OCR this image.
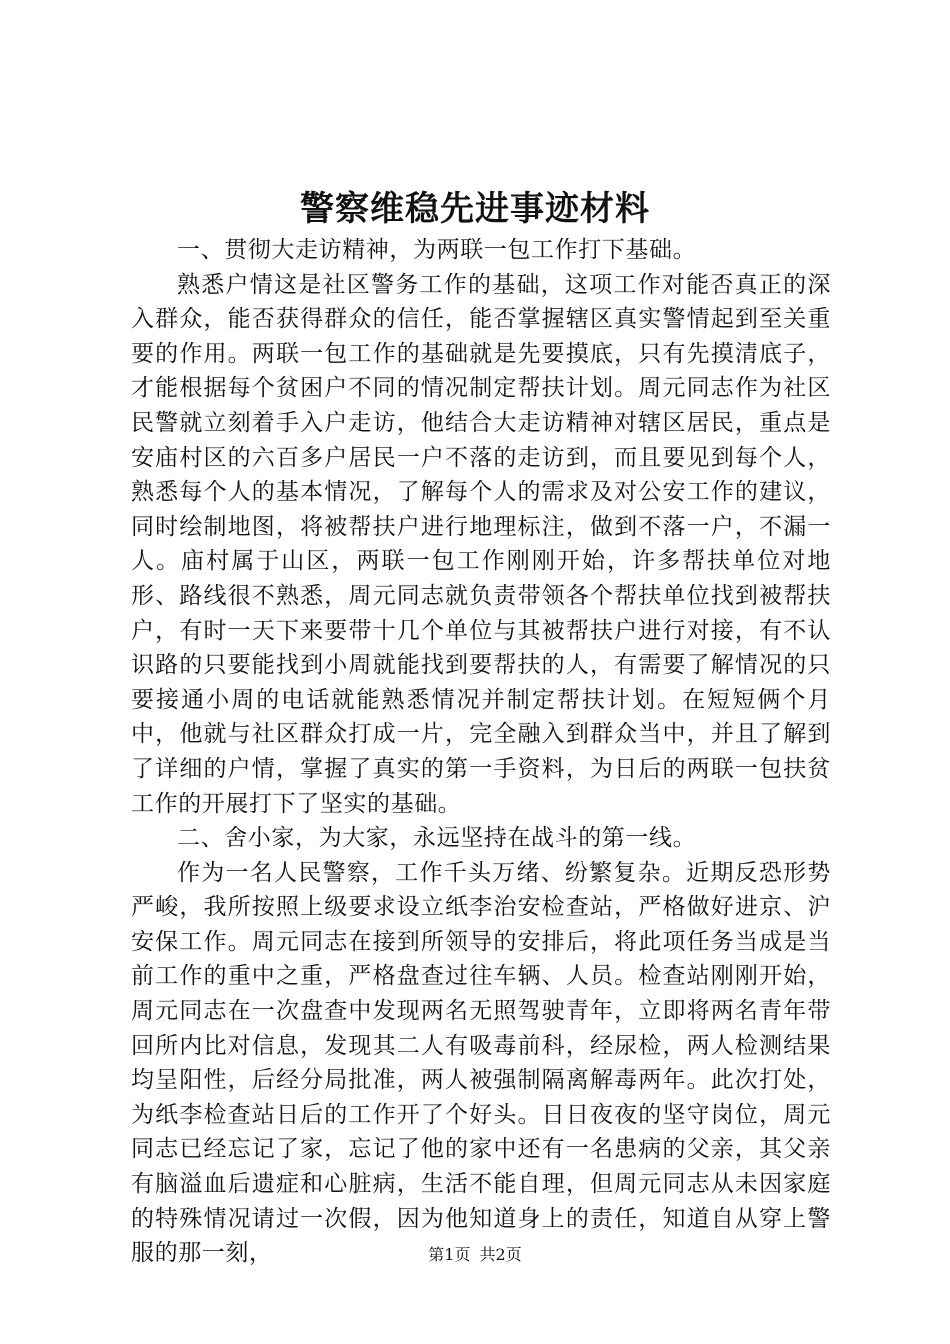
警察维稳先进事迹材料

一、贯彻大走访精神，为两联一包工作打下基础。

熟悉户情这是社区警务工作的基础，这项工作对能否真正的深入群众，能否获得群众的信任，能否掌握辖区真实警情起到至关重要的作用。两联一包工作的基础就是先要摸底，只有先摸清底子，才能根据每个贫困户不同的情况制定帮扶计划。周元同志作为社区民警就立刻着手入户走访，他结合大走访精神对辖区居民，重点是安庙村区的六百多户居民一户不落的走访到，而且要见到每个人，熟悉每个人的基本情况，了解每个人的需求及对公安工作的建议，同时绘制地图，将被帮扶户进行地理标注，做到不落一户，不漏一人。庙村属于山区，两联一包工作刚刚开始，许多帮扶单位对地形、路线很不熟悉，周元同志就负责带领各个帮扶单位找到被帮扶户，有时一天下来要带十几个单位与其被帮扶户进行对接，有不认识路的只要能找到小周就能找到要帮扶的人，有需要了解情况的只要接通小周的电话就能熟悉情况并制定帮扶计划。在短短俩个月中，他就与社区群众打成一片，完全融入到群众当中，并且了解到了详细的户情，掌握了真实的第一手资料，为日后的两联一包扶贫工作的开展打下了坚实的基础。

二、舍小家，为大家，永远坚持在战斗的第一线。

作为一名人民警察，工作千头万绪、纷繁复杂。近期反恐形势严峻，我所按照上级要求设立纸李治安检查站，严格做好进京、沪安保工作。周元同志在接到所领导的安排后，将此项任务当成是当前工作的重中之重，严格盘查过往车辆、人员。检查站刚刚开始，周元同志在一次盘查中发现两名无照驾驶青年，立即将两名青年带回所内比对信息，发现其二人有吸毒前科，经尿检，两人检测结果均呈阳性，后经分局批准，两人被强制隔离解毒两年。此次打处，为纸李检查站日后的工作开了个好头。日日夜夜的坚守岗位，周元同志已经忘记了家，忘记了他的家中还有一名患病的父亲，其父亲有脑溢血后遗症和心脏病，生活不能自理，但周元同志从未因家庭的特殊情况请过一次假，因为他知道身上的责任，知道自从穿上警服的那一刻，	第1页 共2页
